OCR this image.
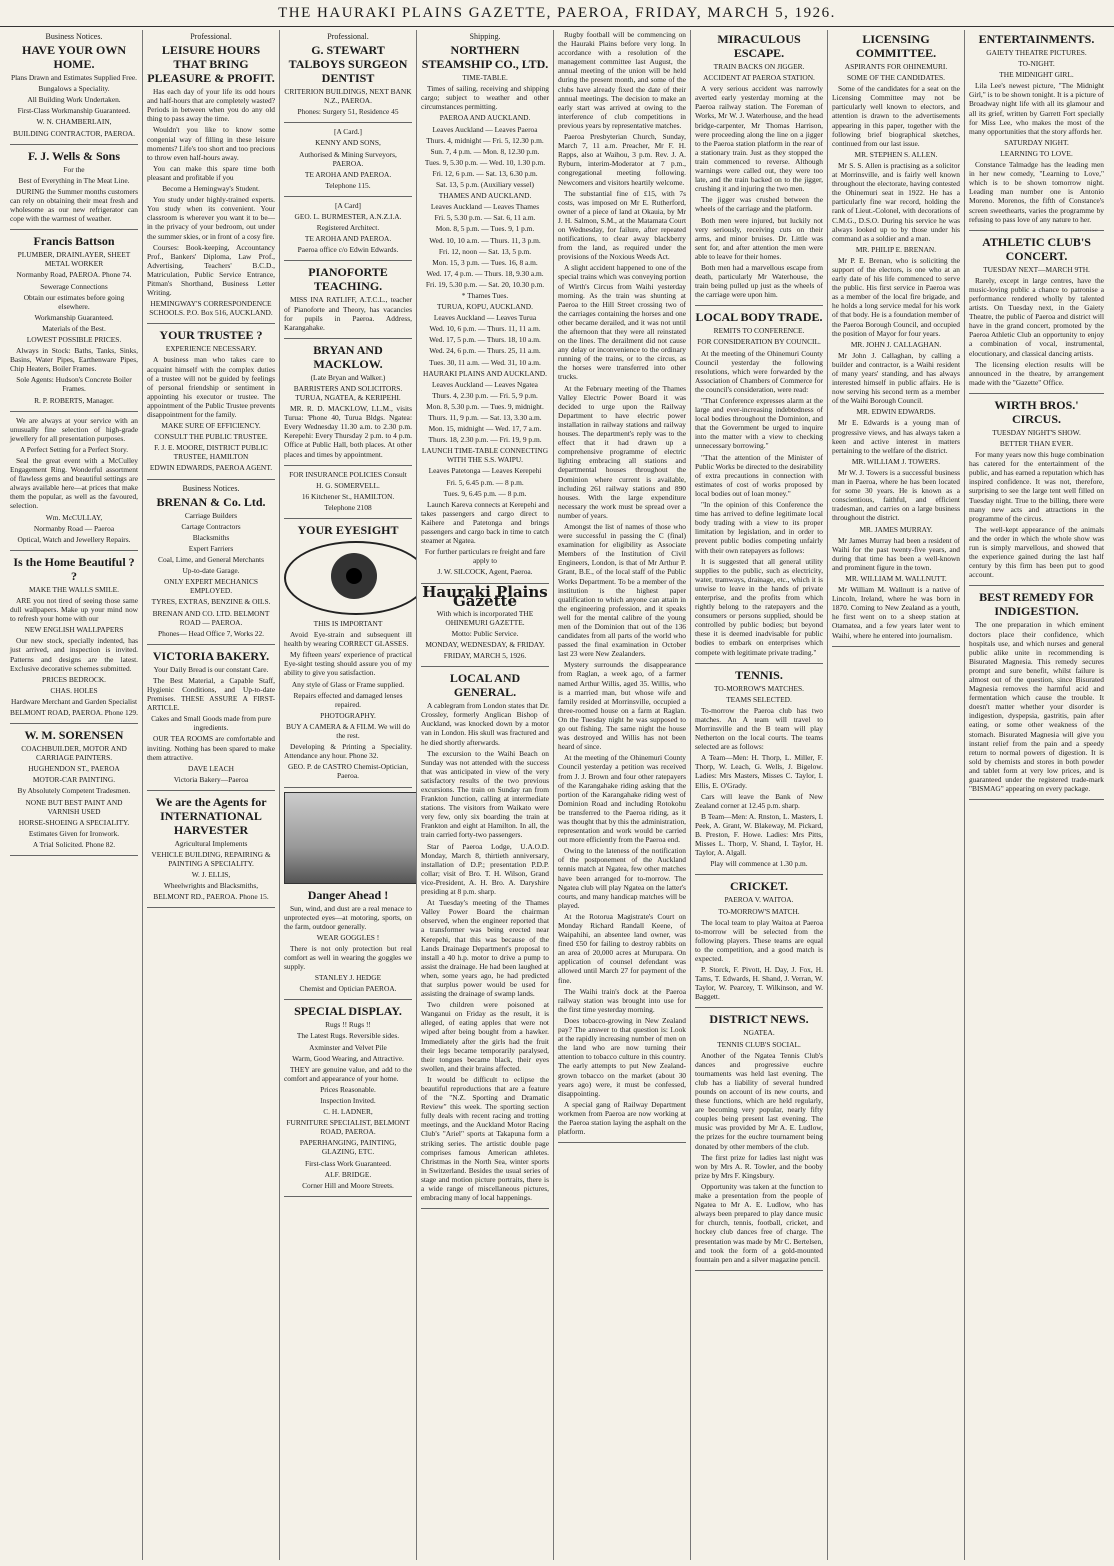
THE HAURAKI PLAINS GAZETTE, PAEROA, FRIDAY, MARCH 5, 1926.
Business Notices.
HAVE YOUR OWN HOME.

Plans Drawn and Estimates Supplied Free.

Bungalows a Speciality.

All Building Work Undertaken.

First-Class Workmanship Guaranteed.

W. N. CHAMBERLAIN,

BUILDING CONTRACTOR, PAEROA.

F. J. Wells & Sons

For the

Best of Everything in The Meat Line.

DURING the Summer months customers can rely on obtaining their meat fresh and wholesome as our new refrigerator can cope with the warmest of weather.

Francis Battson

PLUMBER, DRAINLAYER, SHEET METAL WORKER

Normanby Road, PAEROA. Phone 74.

Sewerage Connections

Obtain our estimates before going elsewhere.

Workmanship Guaranteed.

Materials of the Best.

LOWEST POSSIBLE PRICES.

Always in Stock: Baths, Tanks, Sinks, Basins, Water Pipes, Earthenware Pipes, Chip Heaters, Boiler Frames.

Sole Agents: Hudson's Concrete Boiler Frames.

R. P. ROBERTS, Manager.

We are always at your service with an unusually fine selection of high-grade jewellery for all presentation purposes.

A Perfect Setting for a Perfect Story.

Seal the great event with a McCulley Engagement Ring. Wonderful assortment of flawless gems and beautiful settings are always available here—at prices that make them the popular, as well as the favoured, selection.

Wm. McCULLAY,

Normanby Road — Paeroa

Optical, Watch and Jewellery Repairs.

Is the Home Beautiful ? ?

MAKE THE WALLS SMILE.

ARE you not tired of seeing those same dull wallpapers. Make up your mind now to refresh your home with our

NEW ENGLISH WALLPAPERS

Our new stock, specially indented, has just arrived, and inspection is invited. Patterns and designs are the latest. Exclusive decorative schemes submitted.

PRICES BEDROCK.

CHAS. HOLES

Hardware Merchant and Garden Specialist

BELMONT ROAD, PAEROA. Phone 129.

W. M. SORENSEN

COACHBUILDER, MOTOR AND CARRIAGE PAINTERS.

HUGHENDON ST., PAEROA

MOTOR-CAR PAINTING.

By Absolutely Competent Tradesmen.

NONE BUT BEST PAINT AND VARNISH USED

HORSE-SHOEING A SPECIALITY.

Estimates Given for Ironwork.

A Trial Solicited. Phone 82.

Professional.
LEISURE HOURS THAT BRING PLEASURE & PROFIT.

Has each day of your life its odd hours and half-hours that are completely wasted? Periods in between when you do any old thing to pass away the time.

Wouldn't you like to know some congenial way of filling in these leisure moments? Life's too short and too precious to throw even half-hours away.

You can make this spare time both pleasant and profitable if you

Become a Hemingway's Student.

You study under highly-trained experts. You study when its convenient. Your classroom is wherever you want it to be—in the privacy of your bedroom, out under the summer skies, or in front of a cosy fire.

Courses: Book-keeping, Accountancy Prof., Bankers' Diploma, Law Prof., Advertising, Teachers' B.C.D., Matriculation, Public Service Entrance, Pitman's Shorthand, Business Letter Writing.

HEMINGWAY'S CORRESPONDENCE SCHOOLS. P.O. Box 516, AUCKLAND.

YOUR TRUSTEE ?

EXPERIENCE NECESSARY.

A business man who takes care to acquaint himself with the complex duties of a trustee will not be guided by feelings of personal friendship or sentiment in appointing his executor or trustee. The appointment of the Public Trustee prevents disappointment for the family.

MAKE SURE OF EFFICIENCY.

CONSULT THE PUBLIC TRUSTEE.

F. J. E. MOORE, DISTRICT PUBLIC TRUSTEE, HAMILTON

EDWIN EDWARDS, PAEROA AGENT.

Business Notices.
BRENAN & Co. Ltd.

Carriage Builders

Cartage Contractors

Blacksmiths

Expert Farriers

Coal, Lime, and General Merchants

Up-to-date Garage.

ONLY EXPERT MECHANICS EMPLOYED.

TYRES, EXTRAS, BENZINE & OILS.

BRENAN AND CO. LTD. BELMONT ROAD — PAEROA.

Phones— Head Office 7, Works 22.

VICTORIA BAKERY.

Your Daily Bread is our constant Care.

The Best Material, a Capable Staff, Hygienic Conditions, and Up-to-date Premises. THESE ASSURE A FIRST-ARTICLE.

Cakes and Small Goods made from pure ingredients.

OUR TEA ROOMS are comfortable and inviting. Nothing has been spared to make them attractive.

DAVE LEACH

Victoria Bakery—Paeroa

We are the Agents for INTERNATIONAL HARVESTER

Agricultural Implements

VEHICLE BUILDING, REPAIRING & PAINTING A SPECIALITY.

W. J. ELLIS,

Wheelwrights and Blacksmiths,

BELMONT RD., PAEROA. Phone 15.

Professional.
G. STEWART TALBOYS SURGEON DENTIST

CRITERION BUILDINGS, NEXT BANK N.Z., PAEROA.

Phones: Surgery 51, Residence 45

[A Card.]

KENNY AND SONS,

Authorised & Mining Surveyors, PAEROA.

TE AROHA AND PAEROA.

Telephone 115.

[A Card]

GEO. L. BURMESTER, A.N.Z.I.A.

Registered Architect.

TE AROHA AND PAEROA.

Paeroa office c/o Edwin Edwards.

PIANOFORTE TEACHING.

MISS INA RATLIFF, A.T.C.L., teacher of Pianoforte and Theory, has vacancies for pupils in Paeroa. Address, Karangahake.

BRYAN AND MACKLOW.

(Late Bryan and Walker.)

BARRISTERS AND SOLICITORS. TURUA, NGATEA, & KERIPEHI.

MR. R. D. MACKLOW, LL.M., visits Turua: 'Phone 40, Turua Bldgs. Ngatea: Every Wednesday 11.30 a.m. to 2.30 p.m. Kerepehi: Every Thursday 2 p.m. to 4 p.m. Office at Public Hall, both places. At other places and times by appointment.

FOR INSURANCE POLICIES Consult

H. G. SOMERVELL.

16 Kitchener St., HAMILTON.

Telephone 2108

YOUR EYESIGHT

THIS IS IMPORTANT

Avoid Eye-strain and subsequent ill health by wearing CORRECT GLASSES.

My fifteen years' experience of practical Eye-sight testing should assure you of my ability to give you satisfaction.

Any style of Glass or Frame supplied.

Repairs effected and damaged lenses repaired.

PHOTOGRAPHY.

BUY A CAMERA & A FILM. We will do the rest.

Developing & Printing a Speciality. Attendance any hour. Phone 32.

GEO. P. de CASTRO Chemist-Optician, Paeroa.

Danger Ahead !

Sun, wind, and dust are a real menace to unprotected eyes—at motoring, sports, on the farm, outdoor generally.

WEAR GOGGLES !

There is not only protection but real comfort as well in wearing the goggles we supply.

STANLEY J. HEDGE

Chemist and Optician PAEROA.

SPECIAL DISPLAY.

Rugs !! Rugs !!

The Latest Rugs. Reversible sides.

Axminster and Velvet Pile

Warm, Good Wearing, and Attractive.

THEY are genuine value, and add to the comfort and appearance of your home.

Prices Reasonable.

Inspection Invited.

C. H. LADNER,

FURNITURE SPECIALIST, BELMONT ROAD, PAEROA.

PAPERHANGING, PAINTING, GLAZING, ETC.

First-class Work Guaranteed.

ALF. BRIDGE.

Corner Hill and Moore Streets.

Shipping.
NORTHERN STEAMSHIP CO., LTD.

TIME-TABLE.

Times of sailing, receiving and shipping cargo; subject to weather and other circumstances permitting.

PAEROA AND AUCKLAND.

Leaves Auckland — Leaves Paeroa

Thurs. 4, midnight — Fri. 5, 12.30 p.m.

Sun. 7, 4 p.m. — Mon. 8, 12.30 p.m.

Tues. 9, 5.30 p.m. — Wed. 10, 1.30 p.m.

Fri. 12, 6 p.m. — Sat. 13, 6.30 p.m.

Sat. 13, 5 p.m. (Auxiliary vessel)

THAMES AND AUCKLAND.

Leaves Auckland — Leaves Thames

Fri. 5, 5.30 p.m. — Sat. 6, 11 a.m.

Mon. 8, 5 p.m. — Tues. 9, 1 p.m.

Wed. 10, 10 a.m. — Thurs. 11, 3 p.m.

Fri. 12, noon — Sat. 13, 5 p.m.

Mon. 15, 3 p.m. — Tues. 16, 8 a.m.

Wed. 17, 4 p.m. — Thurs. 18, 9.30 a.m.

Fri. 19, 5.30 p.m. — Sat. 20, 10.30 p.m.

* Thames Tues.

TURUA, KOPU, AUCKLAND.

Leaves Auckland — Leaves Turua

Wed. 10, 6 p.m. — Thurs. 11, 11 a.m.

Wed. 17, 5 p.m. — Thurs. 18, 10 a.m.

Wed. 24, 6 p.m. — Thurs. 25, 11 a.m.

Tues. 30, 11 a.m. — Wed. 31, 10 a.m.

HAURAKI PLAINS AND AUCKLAND.

Leaves Auckland — Leaves Ngatea

Thurs. 4, 2.30 p.m. — Fri. 5, 9 p.m.

Mon. 8, 5.30 p.m. — Tues. 9, midnight.

Thurs. 11, 9 p.m. — Sat. 13, 3.30 a.m.

Mon. 15, midnight — Wed. 17, 7 a.m.

Thurs. 18, 2.30 p.m. — Fri. 19, 9 p.m.

LAUNCH TIME-TABLE CONNECTING WITH THE S.S. WAIPU.

Leaves Patetonga — Leaves Kerepehi

Fri. 5, 6.45 p.m. — 8 p.m.

Tues. 9, 6.45 p.m. — 8 p.m.

Launch Kareva connects at Kerepehi and takes passengers and cargo direct to Kaihere and Patetonga and brings passengers and cargo back in time to catch steamer at Ngatea.

For further particulars re freight and fare apply to

J. W. SILCOCK, Agent, Paeroa.

Hauraki Plains Gazette

With which is incorporated THE OHINEMURI GAZETTE.

Motto: Public Service.

MONDAY, WEDNESDAY, & FRIDAY.

FRIDAY, MARCH 5, 1926.

LOCAL AND GENERAL.

A cablegram from London states that Dr. Crossley, formerly Anglican Bishop of Auckland, was knocked down by a motor van in London. His skull was fractured and he died shortly afterwards.

The excursion to the Waihi Beach on Sunday was not attended with the success that was anticipated in view of the very satisfactory results of the two previous excursions. The train on Sunday ran from Frankton Junction, calling at intermediate stations. The visitors from Waikato were very few, only six boarding the train at Frankton and eight at Hamilton. In all, the train carried forty-two passengers.

Star of Paeroa Lodge, U.A.O.D. Monday, March 8, thirtieth anniversary, installation of D.P.; presentation P.D.P. collar; visit of Bro. T. H. Wilson, Grand vice-President, A. H. Bro. A. Daryshire presiding at 8 p.m. sharp.

At Tuesday's meeting of the Thames Valley Power Board the chairman observed, when the engineer reported that a transformer was being erected near Kerepehi, that this was because of the Lands Drainage Department's proposal to install a 40 h.p. motor to drive a pump to assist the drainage. He had been laughed at when, some years ago, he had predicted that surplus power would be used for assisting the drainage of swamp lands.

Two children were poisoned at Wanganui on Friday as the result, it is alleged, of eating apples that were not wiped after being bought from a hawker. Immediately after the girls had the fruit their legs became temporarily paralysed, their tongues became black, their eyes swollen, and their brains affected.

It would be difficult to eclipse the beautiful reproductions that are a feature of the "N.Z. Sporting and Dramatic Review" this week. The sporting section fully deals with recent racing and trotting meetings, and the Auckland Motor Racing Club's "Ariel" sports at Takapuna form a striking series. The artistic double page comprises famous American athletes. Christmas in the North Sea, winter sports in Switzerland. Besides the usual series of stage and motion picture portraits, there is a wide range of miscellaneous pictures, embracing many of local happenings.

Rugby football will be commencing on the Hauraki Plains before very long. In accordance with a resolution of the management committee last August, the annual meeting of the union will be held during the present month, and some of the clubs have already fixed the date of their annual meetings. The decision to make an early start was arrived at owing to the interference of club competitions in previous years by representative matches.

Paeroa Presbyterian Church, Sunday, March 7, 11 a.m. Preacher, Mr F. H. Rapps, also at Waihou, 3 p.m. Rev. J. A. Ryburn, interim-Moderator at 7 p.m., congregational meeting following. Newcomers and visitors heartily welcome.

The substantial fine of £15, with 7s costs, was imposed on Mr E. Rutherford, owner of a piece of land at Okauia, by Mr J. H. Salmon, S.M., at the Matamata Court on Wednesday, for failure, after repeated notifications, to clear away blackberry from the land, as required under the provisions of the Noxious Weeds Act.

A slight accident happened to one of the special trains which was conveying portion of Wirth's Circus from Waihi yesterday morning. As the train was shunting at Paeroa to the Hill Street crossing two of the carriages containing the horses and one other became derailed, and it was not until the afternoon that they were all reinstated on the lines. The derailment did not cause any delay or inconvenience to the ordinary running of the trains, or to the circus, as the horses were transferred into other trucks.

At the February meeting of the Thames Valley Electric Power Board it was decided to urge upon the Railway Department to have electric power installation in railway stations and railway houses. The department's reply was to the effect that it had drawn up a comprehensive programme of electric lighting embracing all stations and departmental houses throughout the Dominion where current is available, including 261 railway stations and 890 houses. With the large expenditure necessary the work must be spread over a number of years.

Amongst the list of names of those who were successful in passing the C (final) examination for eligibility as Associate Members of the Institution of Civil Engineers, London, is that of Mr Arthur P. Grant, B.E., of the local staff of the Public Works Department. To be a member of the institution is the highest paper qualification to which anyone can attain in the engineering profession, and it speaks well for the mental calibre of the young men of the Dominion that out of the 136 candidates from all parts of the world who passed the final examination in October last 23 were New Zealanders.

Mystery surrounds the disappearance from Raglan, a week ago, of a farmer named Arthur Willis, aged 35. Willis, who is a married man, but whose wife and family resided at Morrinsville, occupied a three-roomed house on a farm at Raglan. On the Tuesday night he was supposed to go out fishing. The same night the house was destroyed and Willis has not been heard of since.

At the meeting of the Ohinemuri County Council yesterday a petition was received from J. J. Brown and four other ratepayers of the Karangahake riding asking that the portion of the Karangahake riding west of Dominion Road and including Rotokohu be transferred to the Paeroa riding, as it was thought that by this the administration, representation and work would be carried out more efficiently from the Paeroa end.

Owing to the lateness of the notification of the postponement of the Auckland tennis match at Ngatea, few other matches have been arranged for to-morrow. The Ngatea club will play Ngatea on the latter's courts, and many handicap matches will be played.

At the Rotorua Magistrate's Court on Monday Richard Randall Keene, of Waipahihi, an absentee land owner, was fined £50 for failing to destroy rabbits on an area of 20,000 acres at Murupara. On application of counsel defendant was allowed until March 27 for payment of the fine.

The Waihi train's dock at the Paeroa railway station was brought into use for the first time yesterday morning.

Does tobacco-growing in New Zealand pay? The answer to that question is: Look at the rapidly increasing number of men on the land who are now turning their attention to tobacco culture in this country. The early attempts to put New Zealand-grown tobacco on the market (about 30 years ago) were, it must be confessed, disappointing.

A special gang of Railway Department workmen from Paeroa are now working at the Paeroa station laying the asphalt on the platform.

MIRACULOUS ESCAPE.

TRAIN BACKS ON JIGGER.

ACCIDENT AT PAEROA STATION.

A very serious accident was narrowly averted early yesterday morning at the Paeroa railway station. The Foreman of Works, Mr W. J. Waterhouse, and the head bridge-carpenter, Mr Thomas Harrison, were proceeding along the line on a jigger to the Paeroa station platform in the rear of a stationary train. Just as they stopped the train commenced to reverse. Although warnings were called out, they were too late, and the train backed on to the jigger, crushing it and injuring the two men.

The jigger was crushed between the wheels of the carriage and the platform.

Both men were injured, but luckily not very seriously, receiving cuts on their arms, and minor bruises. Dr. Little was sent for, and after attention the men were able to leave for their homes.

Both men had a marvellous escape from death, particularly Mr Waterhouse, the train being pulled up just as the wheels of the carriage were upon him.

LOCAL BODY TRADE.

REMITS TO CONFERENCE.

FOR CONSIDERATION BY COUNCIL.

At the meeting of the Ohinemuri County Council yesterday the following resolutions, which were forwarded by the Association of Chambers of Commerce for the council's consideration, were read:

"That Conference expresses alarm at the large and ever-increasing indebtedness of local bodies throughout the Dominion, and that the Government be urged to inquire into the matter with a view to checking unnecessary borrowing."

"That the attention of the Minister of Public Works be directed to the desirability of extra precautions in connection with estimates of cost of works proposed by local bodies out of loan money."

"In the opinion of this Conference the time has arrived to define legitimate local body trading with a view to its proper limitation by legislation, and in order to prevent public bodies competing unfairly with their own ratepayers as follows:

It is suggested that all general utility supplies to the public, such as electricity, water, tramways, drainage, etc., which it is unwise to leave in the hands of private enterprise, and the profits from which rightly belong to the ratepayers and the consumers or persons supplied, should be controlled by public bodies; but beyond these it is deemed inadvisable for public bodies to embark on enterprises which compete with legitimate private trading."

TENNIS.

TO-MORROW'S MATCHES.

TEAMS SELECTED.

To-morrow the Paeroa club has two matches. An A team will travel to Morrinsville and the B team will play Netherton on the local courts. The teams selected are as follows:

A Team—Men: H. Thorp, L. Miller, F. Thorp, W. Leach, G. Wells, J. Bigelow. Ladies: Mrs Masters, Misses C. Taylor, I. Ellis, E. O'Grady.

Cars will leave the Bank of New Zealand corner at 12.45 p.m. sharp.

B Team—Men: A. Rnston, L. Masters, I. Peek, A. Grant, W. Blakeway, M. Pickard, B. Preston, F. Howe. Ladies: Mrs Pitts, Misses L. Thorp, V. Shand, I. Taylor, H. Taylor, A. Algall.

Play will commence at 1.30 p.m.

CRICKET.

PAEROA V. WAITOA.

TO-MORROW'S MATCH.

The local team to play Waitoa at Paeroa to-morrow will be selected from the following players. These teams are equal to the competition, and a good match is expected.

P. Storck, F. Pivott, H. Day, J. Fox, H. Tams, T. Edwards, H. Shand, J. Verran, W. Taylor, W. Pearcey, T. Wilkinson, and W. Baggett.

DISTRICT NEWS.

NGATEA.

TENNIS CLUB'S SOCIAL.

Another of the Ngatea Tennis Club's dances and progressive euchre tournaments was held last evening. The club has a liability of several hundred pounds on account of its new courts, and these functions, which are held regularly, are becoming very popular, nearly fifty couples being present last evening. The music was provided by Mr A. E. Ludlow, the prizes for the euchre tournament being donated by other members of the club.

The first prize for ladies last night was won by Mrs A. R. Towler, and the booby prize by Mrs F. Kingsbury.

Opportunity was taken at the function to make a presentation from the people of Ngatea to Mr A. E. Ludlow, who has always been prepared to play dance music for church, tennis, football, cricket, and hockey club dances free of charge. The presentation was made by Mr C. Bertelsen, and took the form of a gold-mounted fountain pen and a silver magazine pencil.

LICENSING COMMITTEE.

ASPIRANTS FOR OHINEMURI.

SOME OF THE CANDIDATES.

Some of the candidates for a seat on the Licensing Committee may not be particularly well known to electors, and attention is drawn to the advertisements appearing in this paper, together with the following brief biographical sketches, continued from our last issue.

MR. STEPHEN S. ALLEN.

Mr S. S. Allen is practising as a solicitor at Morrinsville, and is fairly well known throughout the electorate, having contested the Ohinemuri seat in 1922. He has a particularly fine war record, holding the rank of Lieut.-Colonel, with decorations of C.M.G., D.S.O. During his service he was always looked up to by those under his command as a soldier and a man.

MR. PHILIP E. BRENAN.

Mr P. E. Brenan, who is soliciting the support of the electors, is one who at an early date of his life commenced to serve the public. His first service in Paeroa was as a member of the local fire brigade, and he holds a long service medal for his work of that body. He is a foundation member of the Paeroa Borough Council, and occupied the position of Mayor for four years.

MR. JOHN J. CALLAGHAN.

Mr John J. Callaghan, by calling a builder and contractor, is a Waihi resident of many years' standing, and has always interested himself in public affairs. He is now serving his second term as a member of the Waihi Borough Council.

MR. EDWIN EDWARDS.

Mr E. Edwards is a young man of progressive views, and has always taken a keen and active interest in matters pertaining to the welfare of the district.

MR. WILLIAM J. TOWERS.

Mr W. J. Towers is a successful business man in Paeroa, where he has been located for some 30 years. He is known as a conscientious, faithful, and efficient tradesman, and carries on a large business throughout the district.

MR. JAMES MURRAY.

Mr James Murray had been a resident of Waihi for the past twenty-five years, and during that time has been a well-known and prominent figure in the town.

MR. WILLIAM M. WALLNUTT.

Mr William M. Wallnutt is a native of Lincoln, Ireland, where he was born in 1870. Coming to New Zealand as a youth, he first went on to a sheep station at Otamatea, and a few years later went to Waihi, where he entered into journalism.

ENTERTAINMENTS.

GAIETY THEATRE PICTURES.

TO-NIGHT.

THE MIDNIGHT GIRL.

Lila Lee's newest picture, "The Midnight Girl," is to be shown tonight. It is a picture of Broadway night life with all its glamour and all its grief, written by Garrett Fort specially for Miss Lee, who makes the most of the many opportunities that the story affords her.

SATURDAY NIGHT.

LEARNING TO LOVE.

Constance Talmadge has the leading men in her new comedy, "Learning to Love," which is to be shown tomorrow night. Leading man number one is Antonio Moreno. Morenos, the fifth of Constance's screen sweethearts, varies the programme by refusing to pass love of any nature to her.

ATHLETIC CLUB'S CONCERT.

TUESDAY NEXT—MARCH 9TH.

Rarely, except in large centres, have the music-loving public a chance to patronise a performance rendered wholly by talented artists. On Tuesday next, in the Gaiety Theatre, the public of Paeroa and district will have in the grand concert, promoted by the Paeroa Athletic Club an opportunity to enjoy a combination of vocal, instrumental, elocutionary, and classical dancing artists.

The licensing election results will be announced in the theatre, by arrangement made with the "Gazette" Office.

WIRTH BROS.' CIRCUS.

TUESDAY NIGHT'S SHOW.

BETTER THAN EVER.

For many years now this huge combination has catered for the entertainment of the public, and has earned a reputation which has inspired confidence. It was not, therefore, surprising to see the large tent well filled on Tuesday night. True to the billing, there were many new acts and attractions in the programme of the circus.

The well-kept appearance of the animals and the order in which the whole show was run is simply marvellous, and showed that the experience gained during the last half century by this firm has been put to good account.

BEST REMEDY FOR INDIGESTION.

The one preparation in which eminent doctors place their confidence, which hospitals use, and which nurses and general public alike unite in recommending is Bisurated Magnesia. This remedy secures prompt and sure benefit, whilst failure is almost out of the question, since Bisurated Magnesia removes the harmful acid and fermentation which cause the trouble. It doesn't matter whether your disorder is indigestion, dyspepsia, gastritis, pain after eating, or some other weakness of the stomach. Bisurated Magnesia will give you instant relief from the pain and a speedy return to normal powers of digestion. It is sold by chemists and stores in both powder and tablet form at very low prices, and is guaranteed under the registered trade-mark "BISMAG" appearing on every package.
